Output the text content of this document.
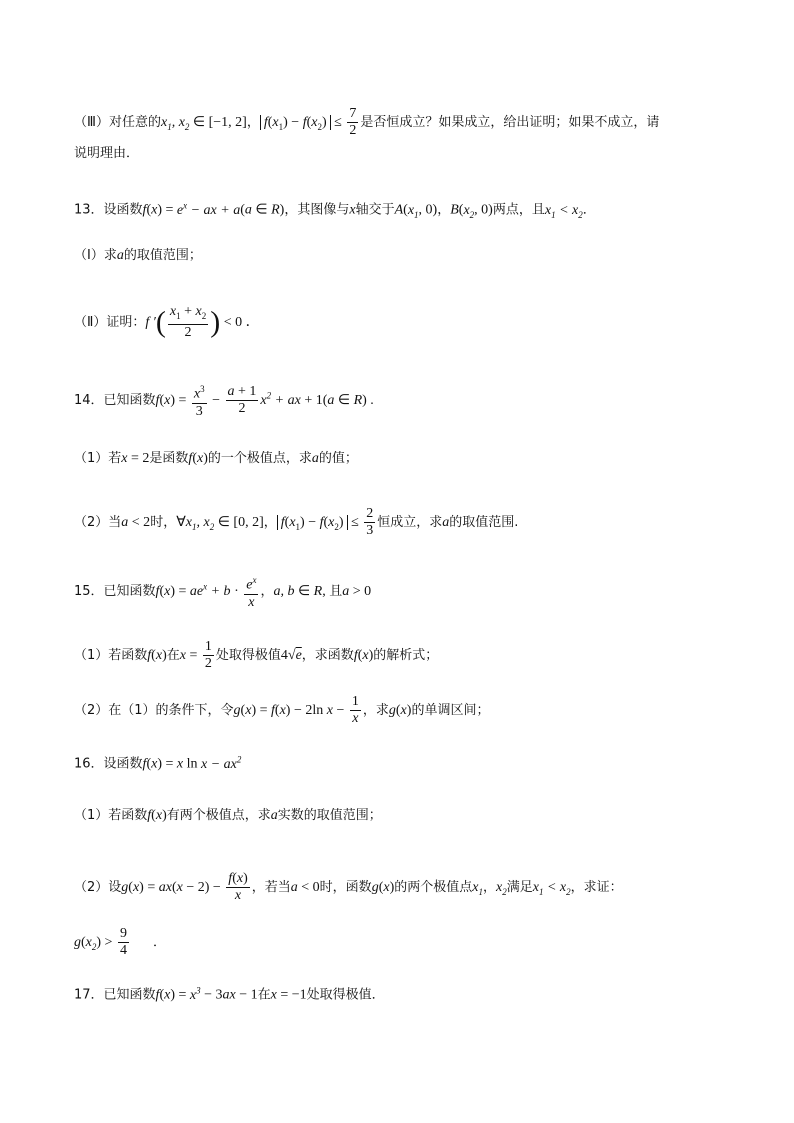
（Ⅲ）对任意的$x_1$, $x_2$ ∈ [−1, 2]， $f(x_1) - f(x_2) \le \frac{7}{2}$ 是否恒成立？如果成立，给出证明；如果不成立，请
说明理由．
13．设函数$f(x) = e^x$ − ax + a(a ∈ R)，其图像与x轴交于$A(x_1$, 0)，$B(x_2$, 0)两点，且$x_1 < x_2$．
（Ⅰ）求a的取值范围；
（Ⅱ）证明：f ′( $\frac{x_1 + x_2}{2}$ ) < 0 ．
14．已知函数$f(x) = \frac{x^3}{3} - \frac{a + 1}{2} x^2$ + ax + 1(a ∈ R) .
（1）若x = 2是函数f(x)的一个极值点，求a的值；
（2）当a < 2时，$\forall x_1$, $x_2$ ∈ [0, 2]， $f(x_1) - f(x_2) \le \frac{2}{3}$ 恒成立，求a的取值范围.
15．已知函数$f(x) = ae^x + b \cdot \frac{e^x}{x}$ ，a, b ∈ R, 且a > 0
（1）若函数f(x)在$x = \frac{1}{2}$ 处取得极值4√e，求函数f(x)的解析式；
（2）在（1）的条件下，令g(x) = f(x) − 2ln $x - \frac{1}{x}$ ，求g(x)的单调区间；
16．设函数f(x) = x $\ln x - ax^2$
（1）若函数f(x)有两个极值点，求a实数的取值范围；
（2）设$g(x) = ax(x - 2) - \frac{f(x)}{x}$ ，若当a < 0时，函数g(x)的两个极值点$x_1$，$x_2$满足$x_1 < x_2$，求证：
$g(x_2) > \frac{9}{4}$ ．
17．已知函数$f(x) = x^3 - 3ax - 1$在x = −1处取得极值．
